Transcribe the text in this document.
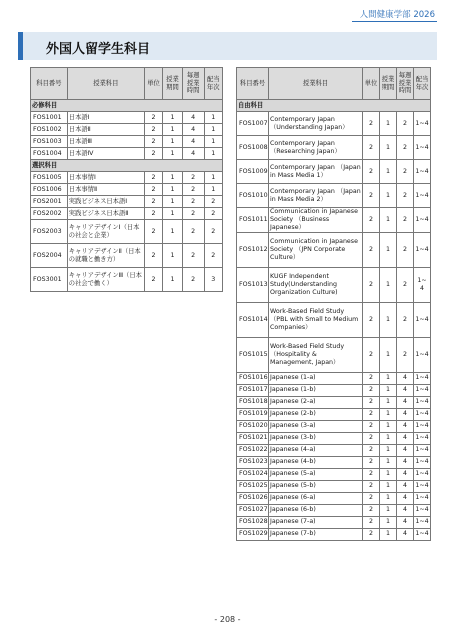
人間健康学部 2026
外国人留学生科目
科目番号	授業科目	単位	授業期間	毎週授業時間	配当年次
必修科目					
FOS1001	日本語Ⅰ	2	1	4	1
FOS1002	日本語Ⅱ	2	1	4	1
FOS1003	日本語Ⅲ	2	1	4	1
FOS1004	日本語Ⅳ	2	1	4	1
選択科目					
FOS1005	日本事情Ⅰ	2	1	2	1
FOS1006	日本事情Ⅱ	2	1	2	1
FOS2001	実践ビジネス日本語Ⅰ	2	1	2	2
FOS2002	実践ビジネス日本語Ⅱ	2	1	2	2
FOS2003	キャリアデザインⅠ（日本の社会と企業）	2	1	2	2
FOS2004	キャリアデザインⅡ（日本の就職と働き方）	2	1	2	2
FOS3001	キャリアデザインⅢ（日本の社会で働く）	2	1	2	3
科目番号	授業科目	単位	授業期間	毎週授業時間	配当年次
自由科目					
FOS1007	Contemporary Japan （Understanding Japan）	2	1	2	1~4
FOS1008	Contemporary Japan （Researching Japan）	2	1	2	1~4
FOS1009	Contemporary Japan （Japan in Mass Media 1）	2	1	2	1~4
FOS1010	Contemporary Japan （Japan in Mass Media 2）	2	1	2	1~4
FOS1011	Communication in Japanese Society （Business Japanese）	2	1	2	1~4
FOS1012	Communication in Japanese Society （JPN Corporate Culture）	2	1	2	1~4
FOS1013	KUGF Independent Study(Understanding Organization Culture)	2	1	2	1~ 4
FOS1014	Work-Based Field Study （PBL with Small to Medium Companies）	2	1	2	1~4
FOS1015	Work-Based Field Study （Hospitality & Management, Japan）	2	1	2	1~4
FOS1016	Japanese (1-a)	2	1	4	1~4
FOS1017	Japanese (1-b)	2	1	4	1~4
FOS1018	Japanese (2-a)	2	1	4	1~4
FOS1019	Japanese (2-b)	2	1	4	1~4
FOS1020	Japanese (3-a)	2	1	4	1~4
FOS1021	Japanese (3-b)	2	1	4	1~4
FOS1022	Japanese (4-a)	2	1	4	1~4
FOS1023	Japanese (4-b)	2	1	4	1~4
FOS1024	Japanese (5-a)	2	1	4	1~4
FOS1025	Japanese (5-b)	2	1	4	1~4
FOS1026	Japanese (6-a)	2	1	4	1~4
FOS1027	Japanese (6-b)	2	1	4	1~4
FOS1028	Japanese (7-a)	2	1	4	1~4
FOS1029	Japanese (7-b)	2	1	4	1~4
- 208 -
